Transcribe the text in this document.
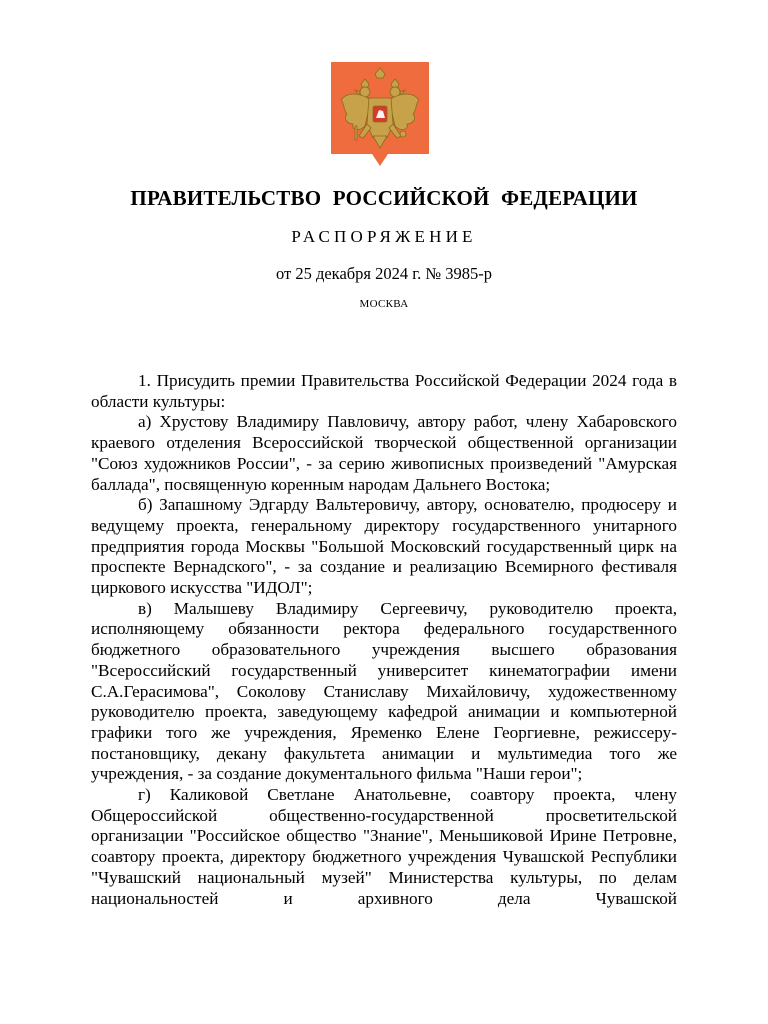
ПРАВИТЕЛЬСТВО РОССИЙСКОЙ ФЕДЕРАЦИИ
РАСПОРЯЖЕНИЕ
от 25 декабря 2024 г. № 3985-р
МОСКВА

1. Присудить премии Правительства Российской Федерации 2024 года в области культуры:

а) Хрустову Владимиру Павловичу, автору работ, члену Хабаровского краевого отделения Всероссийской творческой общественной организации "Союз художников России", - за серию живописных произведений "Амурская баллада", посвященную коренным народам Дальнего Востока;

б) Запашному Эдгарду Вальтеровичу, автору, основателю, продюсеру и ведущему проекта, генеральному директору государственного унитарного предприятия города Москвы "Большой Московский государственный цирк на проспекте Вернадского", - за создание и реализацию Всемирного фестиваля циркового искусства "ИДОЛ";

в) Малышеву Владимиру Сергеевичу, руководителю проекта, исполняющему обязанности ректора федерального государственного бюджетного образовательного учреждения высшего образования "Всероссийский государственный университет кинематографии имени С.А.Герасимова", Соколову Станиславу Михайловичу, художественному руководителю проекта, заведующему кафедрой анимации и компьютерной графики того же учреждения, Яременко Елене Георгиевне, режиссеру-постановщику, декану факультета анимации и мультимедиа того же учреждения, - за создание документального фильма "Наши герои";

г) Каликовой Светлане Анатольевне, соавтору проекта, члену Общероссийской общественно-государственной просветительской организации "Российское общество "Знание", Меньшиковой Ирине Петровне, соавтору проекта, директору бюджетного учреждения Чувашской Республики "Чувашский национальный музей" Министерства культуры, по делам национальностей и архивного дела Чувашской
